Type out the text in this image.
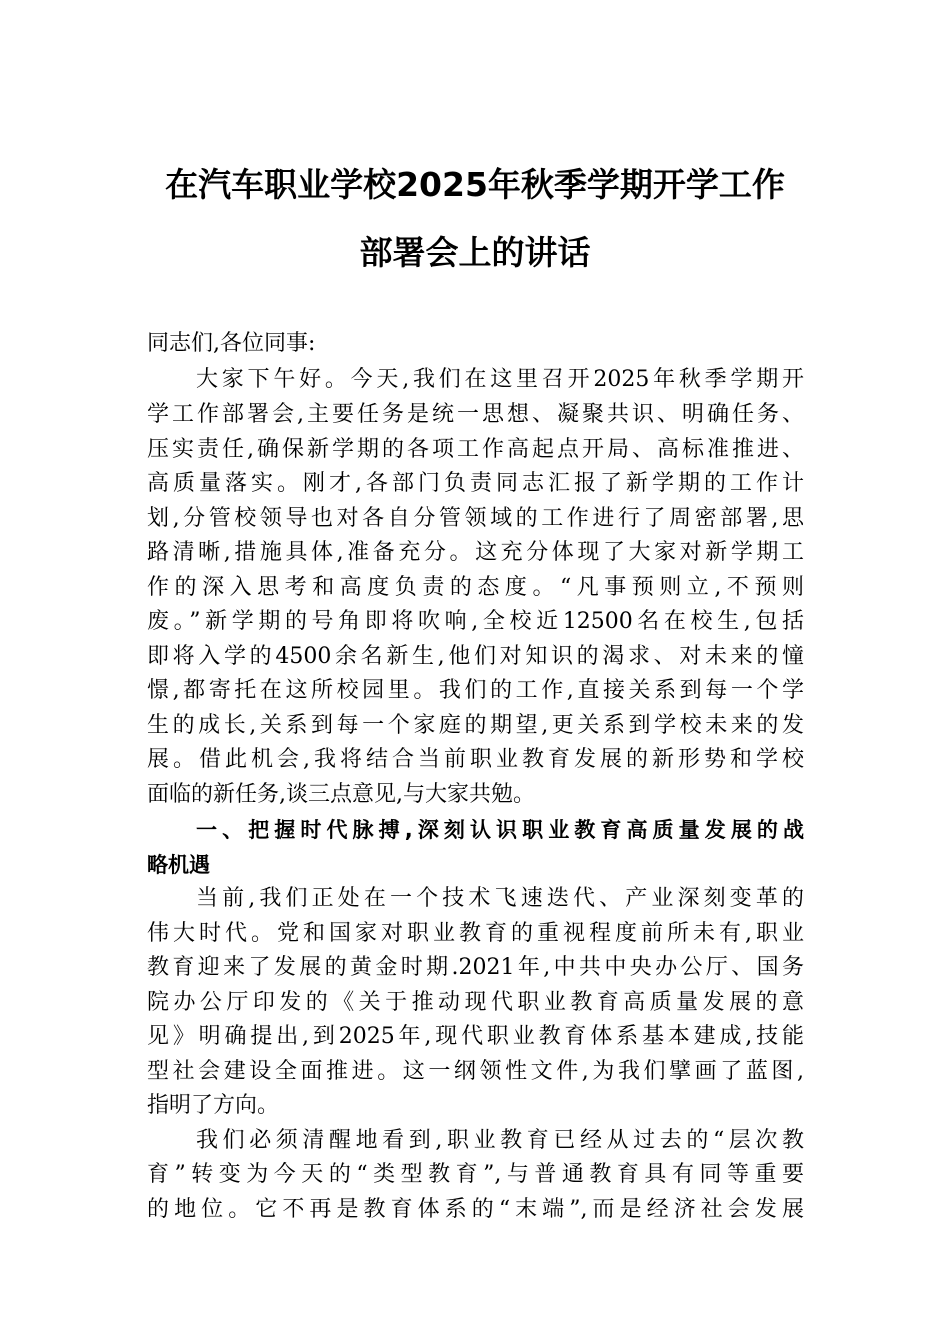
在汽车职业学校2025年秋季学期开学工作
部署会上的讲话
同志们,各位同事:
大家下午好。今天,我们在这里召开2025年秋季学期开
学工作部署会,主要任务是统一思想、凝聚共识、明确任务、
压实责任,确保新学期的各项工作高起点开局、高标准推进、
高质量落实。刚才,各部门负责同志汇报了新学期的工作计
划,分管校领导也对各自分管领域的工作进行了周密部署,思
路清晰,措施具体,准备充分。这充分体现了大家对新学期工
作的深入思考和高度负责的态度。“凡事预则立,不预则
废。”新学期的号角即将吹响,全校近12500名在校生,包括
即将入学的4500余名新生,他们对知识的渴求、对未来的憧
憬,都寄托在这所校园里。我们的工作,直接关系到每一个学
生的成长,关系到每一个家庭的期望,更关系到学校未来的发
展。借此机会,我将结合当前职业教育发展的新形势和学校
面临的新任务,谈三点意见,与大家共勉。
一、把握时代脉搏,深刻认识职业教育高质量发展的战
略机遇
当前,我们正处在一个技术飞速迭代、产业深刻变革的
伟大时代。党和国家对职业教育的重视程度前所未有,职业
教育迎来了发展的黄金时期.2021年,中共中央办公厅、国务
院办公厅印发的《关于推动现代职业教育高质量发展的意
见》明确提出,到2025年,现代职业教育体系基本建成,技能
型社会建设全面推进。这一纲领性文件,为我们擘画了蓝图,
指明了方向。
我们必须清醒地看到,职业教育已经从过去的“层次教
育”转变为今天的“类型教育”,与普通教育具有同等重要
的地位。它不再是教育体系的“末端”,而是经济社会发展
